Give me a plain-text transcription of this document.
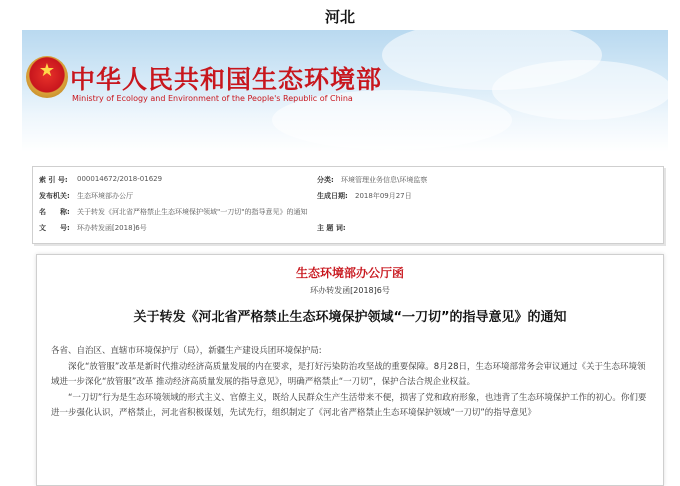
河北
★
中华人民共和国生态环境部
Ministry of Ecology and Environment of the People's Republic of China
索 引 号: 000014672/2018-01629	分类: 环境管理业务信息\环境监察
发布机关: 生态环境部办公厅	生成日期: 2018年09月27日
名　　称: 关于转发《河北省严格禁止生态环境保护领域"一刀切"的指导意见》的通知
文　　号: 环办转发函[2018]6号	主 题 词:
生态环境部办公厅函
环办转发函[2018]6号
关于转发《河北省严格禁止生态环境保护领域“一刀切”的指导意见》的通知

各省、自治区、直辖市环境保护厅（局），新疆生产建设兵团环境保护局:

深化“放管服”改革是新时代推动经济高质量发展的内在要求，是打好污染防治攻坚战的重要保障。8月28日，生态环境部常务会审议通过《关于生态环境领域进一步深化“放管服”改革 推动经济高质量发展的指导意见》，明确严格禁止“一刀切”，保护合法合规企业权益。

“一刀切”行为是生态环境领域的形式主义、官僚主义，既给人民群众生产生活带来不便，损害了党和政府形象，也违背了生态环境保护工作的初心。你们要进一步强化认识，严格禁止，河北省积极谋划，先试先行，组织制定了《河北省严格禁止生态环境保护领域“一刀切”的指导意见》
